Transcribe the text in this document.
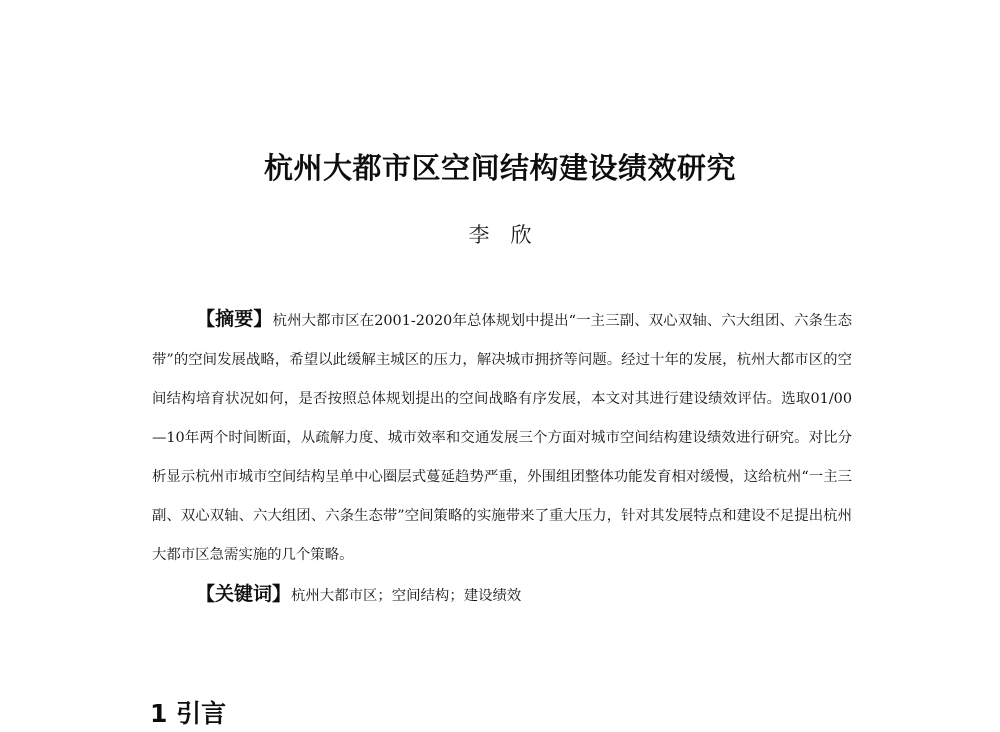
杭州大都市区空间结构建设绩效研究
李　欣
【摘要】杭州大都市区在2001-2020年总体规划中提出“一主三副、双心双轴、六大组团、六条生态带”的空间发展战略，希望以此缓解主城区的压力，解决城市拥挤等问题。经过十年的发展，杭州大都市区的空间结构培育状况如何，是否按照总体规划提出的空间战略有序发展，本文对其进行建设绩效评估。选取01/00—10年两个时间断面，从疏解力度、城市效率和交通发展三个方面对城市空间结构建设绩效进行研究。对比分析显示杭州市城市空间结构呈单中心圈层式蔓延趋势严重，外围组团整体功能发育相对缓慢，这给杭州“一主三副、双心双轴、六大组团、六条生态带”空间策略的实施带来了重大压力，针对其发展特点和建设不足提出杭州大都市区急需实施的几个策略。
【关键词】杭州大都市区；空间结构；建设绩效
1 引言
